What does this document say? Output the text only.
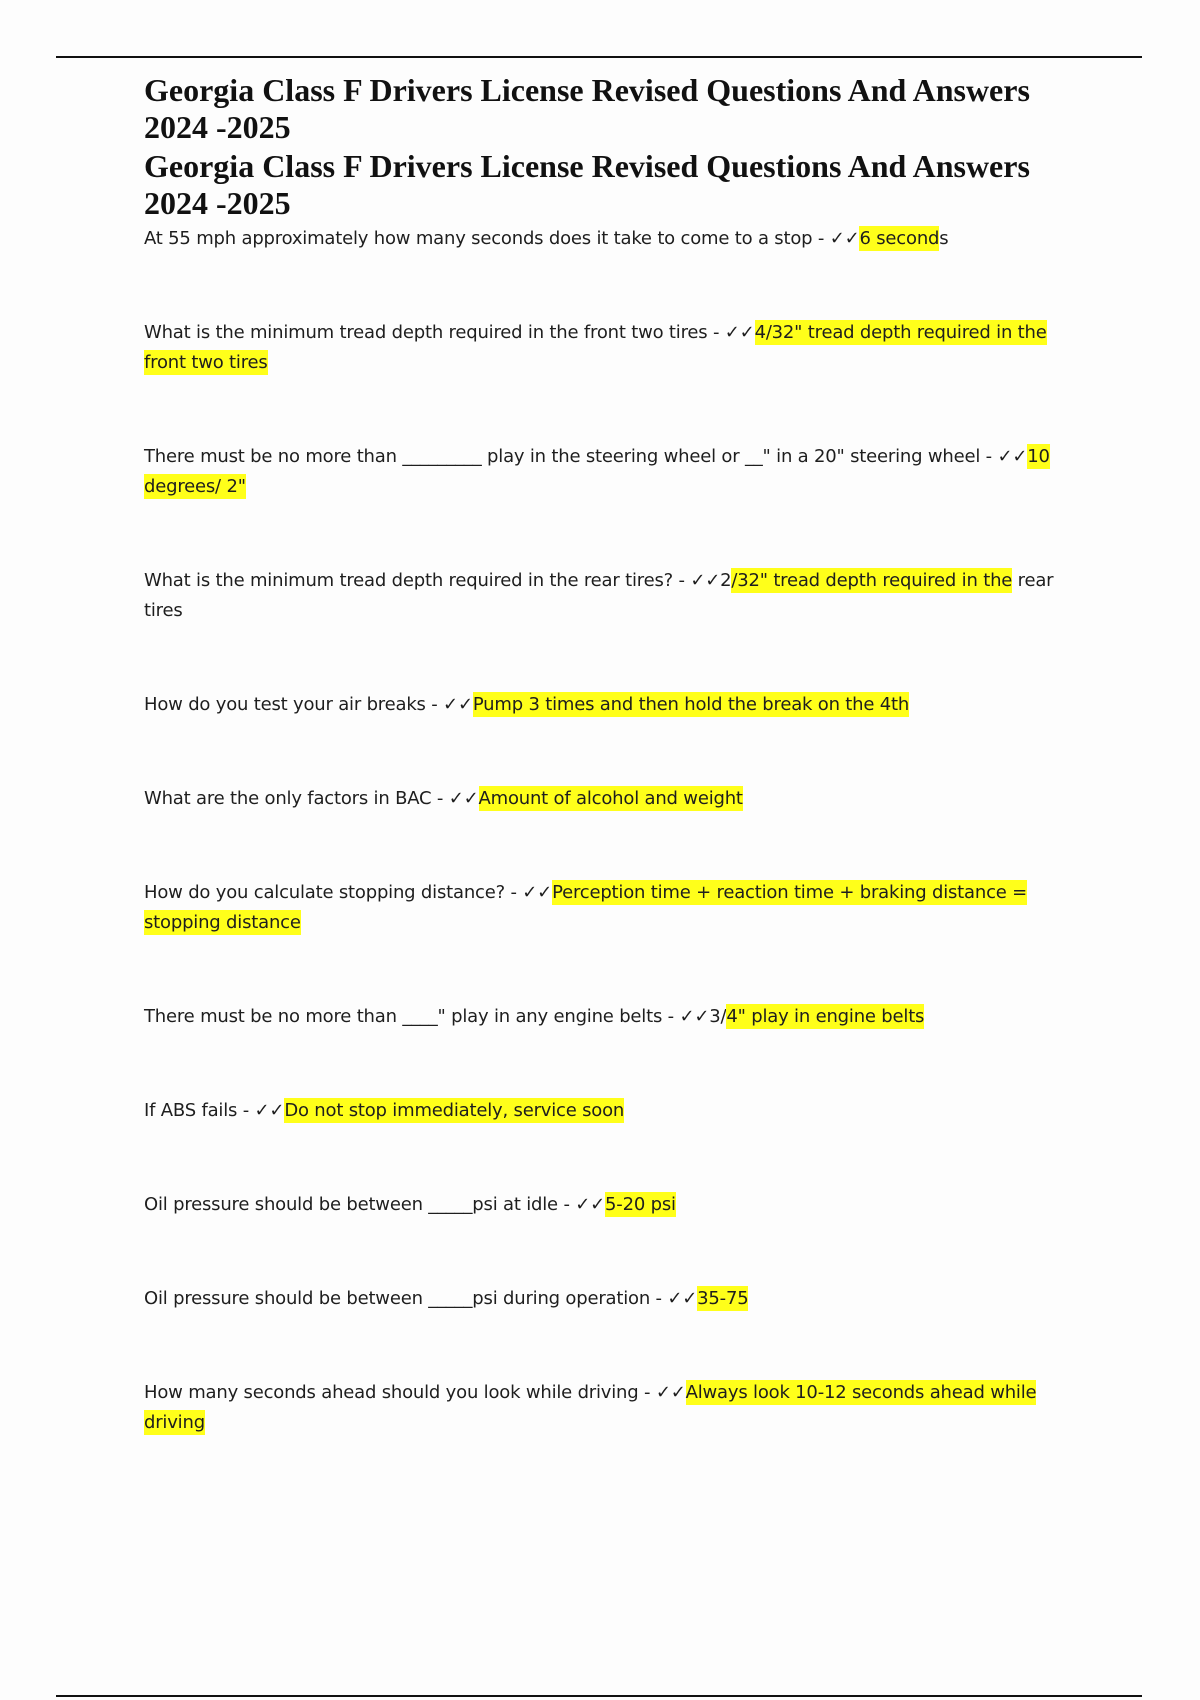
Georgia Class F Drivers License Revised Questions And Answers 2024 -2025
Georgia Class F Drivers License Revised Questions And Answers 2024 -2025

At 55 mph approximately how many seconds does it take to come to a stop - ✓✓6 seconds

What is the minimum tread depth required in the front two tires - ✓✓4/32" tread depth required in the front two tires

There must be no more than _________ play in the steering wheel or __" in a 20" steering wheel - ✓✓10 degrees/ 2"

What is the minimum tread depth required in the rear tires? - ✓✓2/32" tread depth required in the rear tires

How do you test your air breaks - ✓✓Pump 3 times and then hold the break on the 4th

What are the only factors in BAC - ✓✓Amount of alcohol and weight

How do you calculate stopping distance? - ✓✓Perception time + reaction time + braking distance = stopping distance

There must be no more than ____" play in any engine belts - ✓✓3/4" play in engine belts

If ABS fails - ✓✓Do not stop immediately, service soon

Oil pressure should be between _____psi at idle - ✓✓5-20 psi

Oil pressure should be between _____psi during operation - ✓✓35-75

How many seconds ahead should you look while driving - ✓✓Always look 10-12 seconds ahead while driving
